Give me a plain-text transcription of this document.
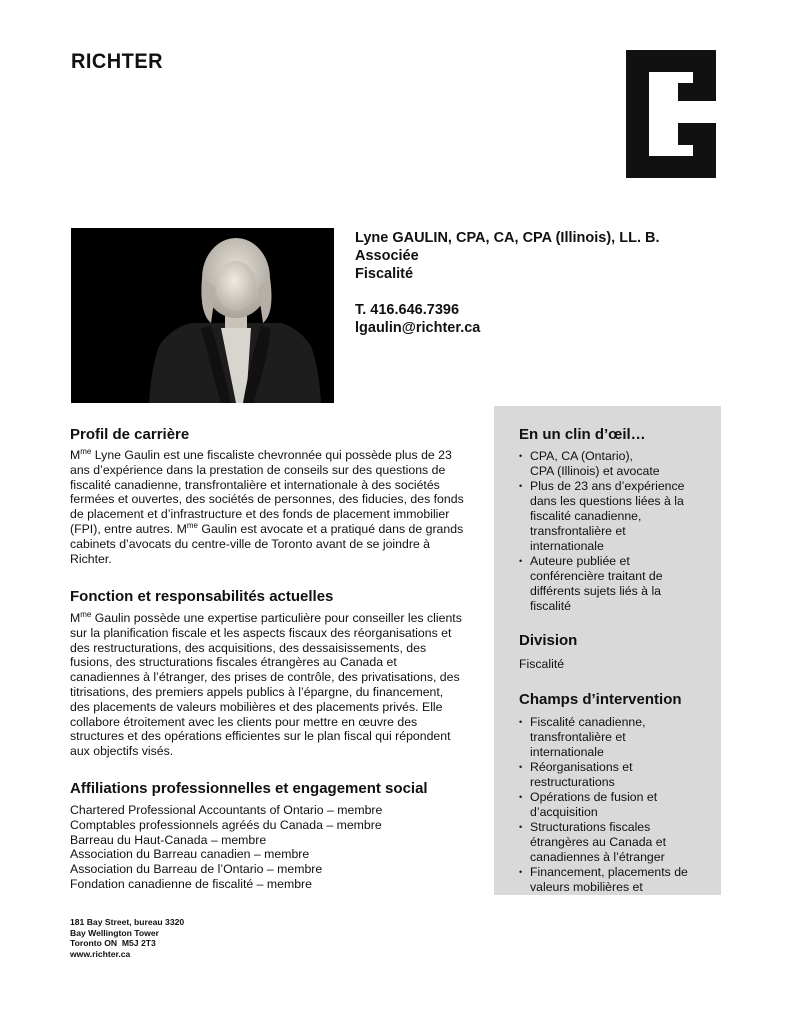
RICHTER
Lyne GAULIN, CPA, CA, CPA (Illinois), LL. B.
Associée
Fiscalité
T. 416.646.7396
lgaulin@richter.ca
Profil de carrière

$M^{me}$ Lyne Gaulin est une fiscaliste chevronnée qui possède plus de 23 ans d’expérience dans la prestation de conseils sur des questions de fiscalité canadienne, transfrontalière et internationale à des sociétés fermées et ouvertes, des sociétés de personnes, des fiducies, des fonds de placement et d’infrastructure et des fonds de placement immobilier (FPI), entre autres. $M^{me}$ Gaulin est avocate et a pratiqué dans de grands cabinets d’avocats du centre-ville de Toronto avant de se joindre à Richter.

Fonction et responsabilités actuelles

$M^{me}$ Gaulin possède une expertise particulière pour conseiller les clients sur la planification fiscale et les aspects fiscaux des réorganisations et des restructurations, des acquisitions, des dessaisissements, des fusions, des structurations fiscales étrangères au Canada et canadiennes à l’étranger, des prises de contrôle, des privatisations, des titrisations, des premiers appels publics à l’épargne, du financement, des placements de valeurs mobilières et des placements privés. Elle collabore étroitement avec les clients pour mettre en œuvre des structures et des opérations efficientes sur le plan fiscal qui répondent aux objectifs visés.

Affiliations professionnelles et engagement social
Chartered Professional Accountants of Ontario – membre
Comptables professionnels agréés du Canada – membre
Barreau du Haut-Canada – membre
Association du Barreau canadien – membre
Association du Barreau de l’Ontario – membre
Fondation canadienne de fiscalité – membre
En un clin d’œil…
• CPA, CA (Ontario),
CPA (Illinois) et avocate
• Plus de 23 ans d’expérience dans les questions liées à la fiscalité canadienne, transfrontalière et internationale
• Auteure publiée et conférencière traitant de différents sujets liés à la fiscalité
Division
Fiscalité
Champs d’intervention
• Fiscalité canadienne, transfrontalière et internationale
• Réorganisations et restructurations
• Opérations de fusion et d’acquisition
• Structurations fiscales étrangères au Canada et canadiennes à l’étranger
• Financement, placements de valeurs mobilières et
181 Bay Street, bureau 3320
Bay Wellington Tower
Toronto ON  M5J 2T3
www.richter.ca
